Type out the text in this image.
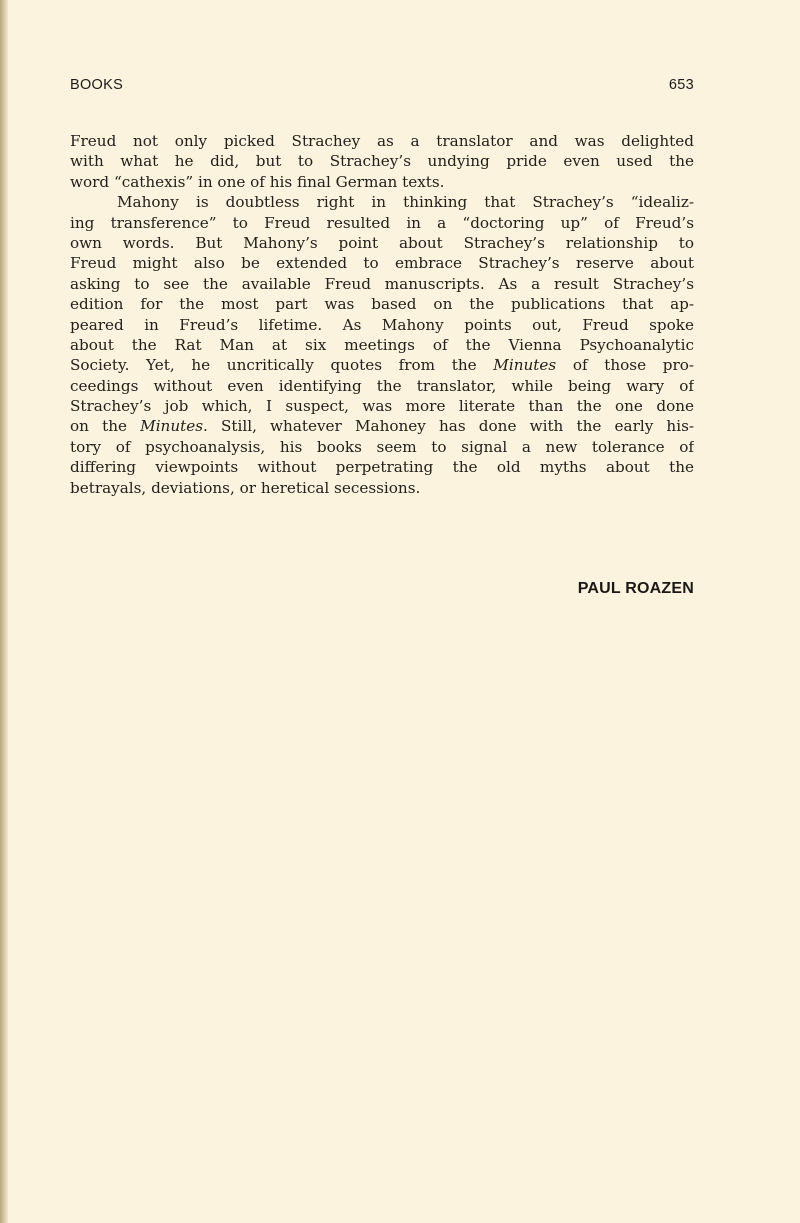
BOOKS	653
Freud not only picked Strachey as a translator and was delighted
with what he did, but to Strachey’s undying pride even used the
word “cathexis” in one of his final German texts.
Mahony is doubtless right in thinking that Strachey’s “idealiz-
ing transference” to Freud resulted in a “doctoring up” of Freud’s
own words. But Mahony’s point about Strachey’s relationship to
Freud might also be extended to embrace Strachey’s reserve about
asking to see the available Freud manuscripts. As a result Strachey’s
edition for the most part was based on the publications that ap-
peared in Freud’s lifetime. As Mahony points out, Freud spoke
about the Rat Man at six meetings of the Vienna Psychoanalytic
Society. Yet, he uncritically quotes from the Minutes of those pro-
ceedings without even identifying the translator, while being wary of
Strachey’s job which, I suspect, was more literate than the one done
on the Minutes. Still, whatever Mahoney has done with the early his-
tory of psychoanalysis, his books seem to signal a new tolerance of
differing viewpoints without perpetrating the old myths about the
betrayals, deviations, or heretical secessions.
PAUL ROAZEN
